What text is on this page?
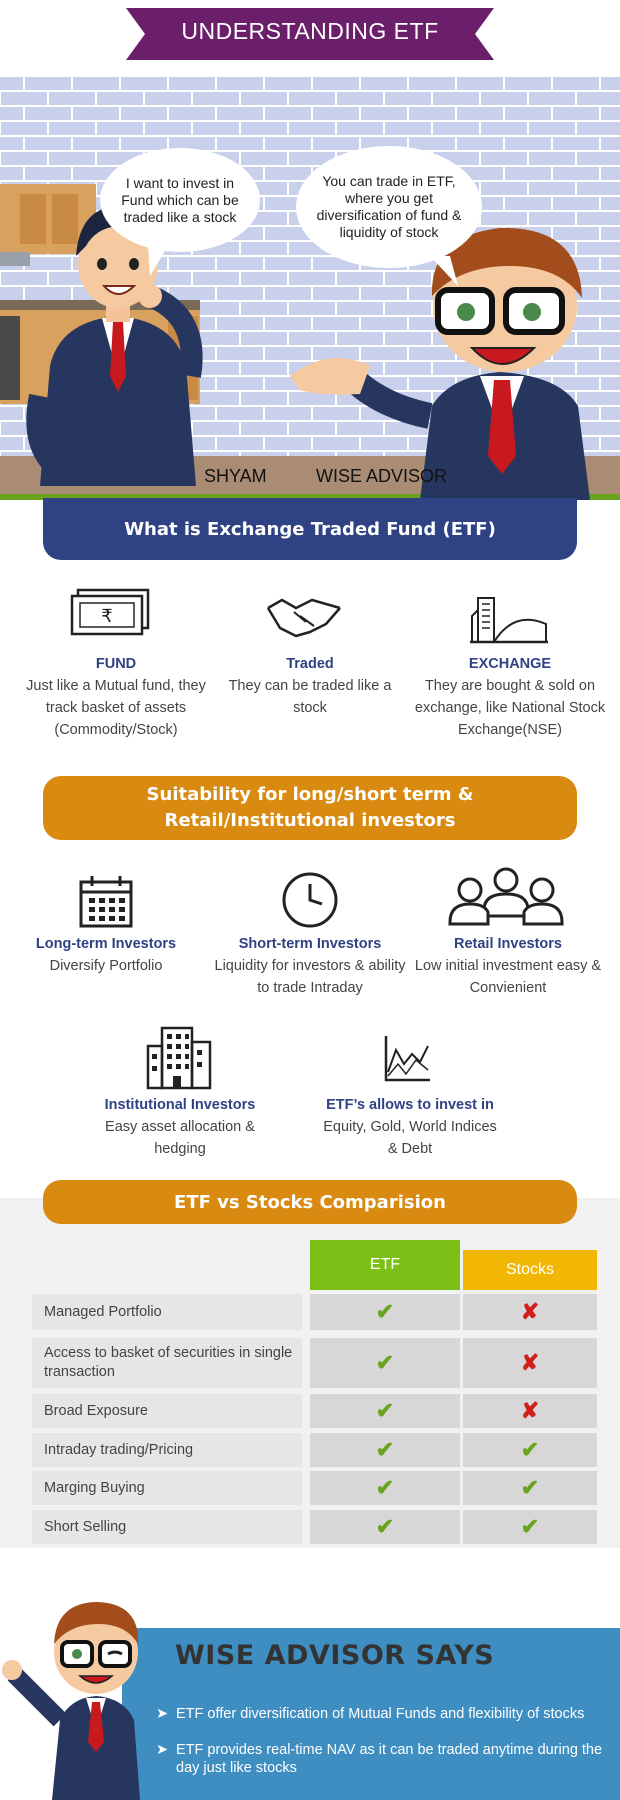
UNDERSTANDING ETF
I want to invest in Fund which can be traded like a stock
You can trade in ETF, where you get diversification of fund & liquidity of stock
SHYAM	WISE ADVISOR
What is Exchange Traded Fund (ETF)
₹
FUND
Just like a Mutual fund, they track basket of assets (Commodity/Stock)
Traded
They can be traded like a stock
EXCHANGE
They are bought & sold on exchange, like National Stock Exchange(NSE)
Suitability for long/short term &
Retail/Institutional investors
Long-term Investors
Diversify Portfolio
Short-term Investors
Liquidity for investors & ability to trade Intraday
Retail Investors
Low initial investment easy & Convienient
Institutional Investors
Easy asset allocation & hedging
ETF’s allows to invest in
Equity, Gold, World Indices & Debt
ETF vs Stocks Comparision
ETF	Stocks
Managed Portfolio	✔	✘
Access to basket of securities in single transaction	✔	✘
Broad Exposure	✔	✘
Intraday trading/Pricing	✔	✔
Marging Buying	✔	✔
Short Selling	✔	✔
WISE ADVISOR SAYS
➤ ETF offer diversification of Mutual Funds and flexibility of stocks
➤ ETF provides real-time NAV as it can be traded anytime during the day just like stocks
